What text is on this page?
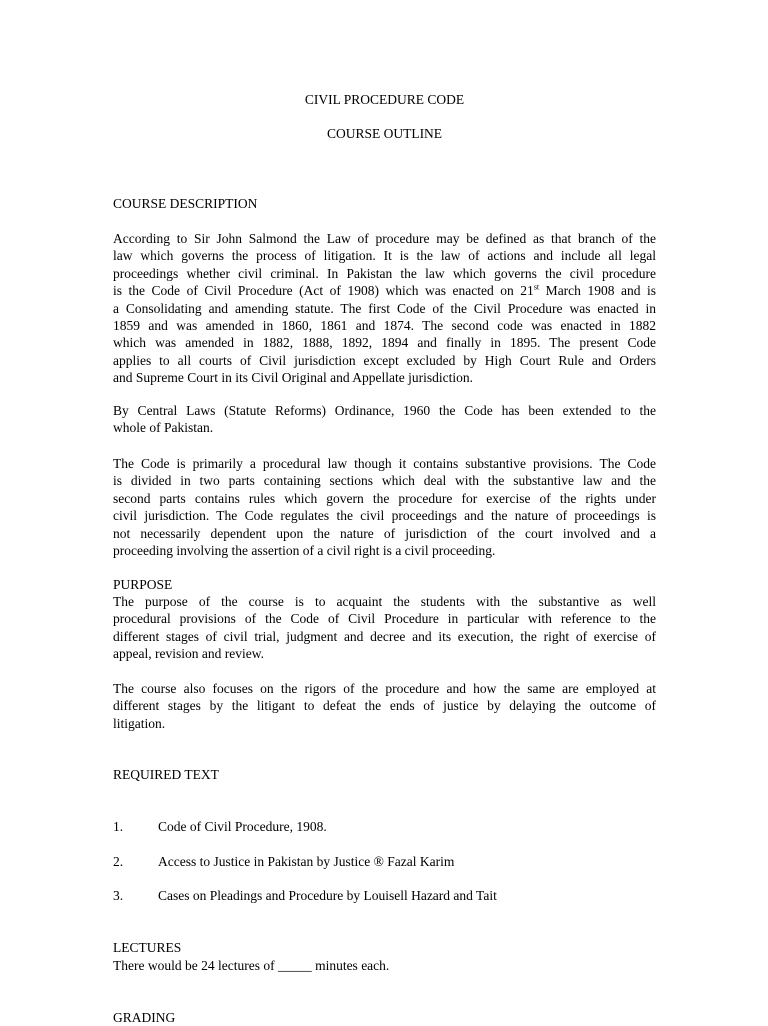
CIVIL PROCEDURE CODE
COURSE OUTLINE
COURSE DESCRIPTION
According to Sir John Salmond the Law of procedure may be defined as that branch of the
law which governs the process of litigation. It is the law of actions and include all legal
proceedings whether civil criminal. In Pakistan the law which governs the civil procedure
is the Code of Civil Procedure (Act of 1908) which was enacted on 21st March 1908 and is
a Consolidating and amending statute. The first Code of the Civil Procedure was enacted in
1859 and was amended in 1860, 1861 and 1874. The second code was enacted in 1882
which was amended in 1882, 1888, 1892, 1894 and finally in 1895. The present Code
applies to all courts of Civil jurisdiction except excluded by High Court Rule and Orders
and Supreme Court in its Civil Original and Appellate jurisdiction.
By Central Laws (Statute Reforms) Ordinance, 1960 the Code has been extended to the
whole of Pakistan.
The Code is primarily a procedural law though it contains substantive provisions. The Code
is divided in two parts containing sections which deal with the substantive law and the
second parts contains rules which govern the procedure for exercise of the rights under
civil jurisdiction. The Code regulates the civil proceedings and the nature of proceedings is
not necessarily dependent upon the nature of jurisdiction of the court involved and a
proceeding involving the assertion of a civil right is a civil proceeding.
PURPOSE
The purpose of the course is to acquaint the students with the substantive as well
procedural provisions of the Code of Civil Procedure in particular with reference to the
different stages of civil trial, judgment and decree and its execution, the right of exercise of
appeal, revision and review.
The course also focuses on the rigors of the procedure and how the same are employed at
different stages by the litigant to defeat the ends of justice by delaying the outcome of
litigation.
REQUIRED TEXT
1.	Code of Civil Procedure, 1908.
2.	Access to Justice in Pakistan by Justice ® Fazal Karim
3.	Cases on Pleadings and Procedure by Louisell Hazard and Tait
LECTURES
There would be 24 lectures of _____ minutes each.
GRADING
